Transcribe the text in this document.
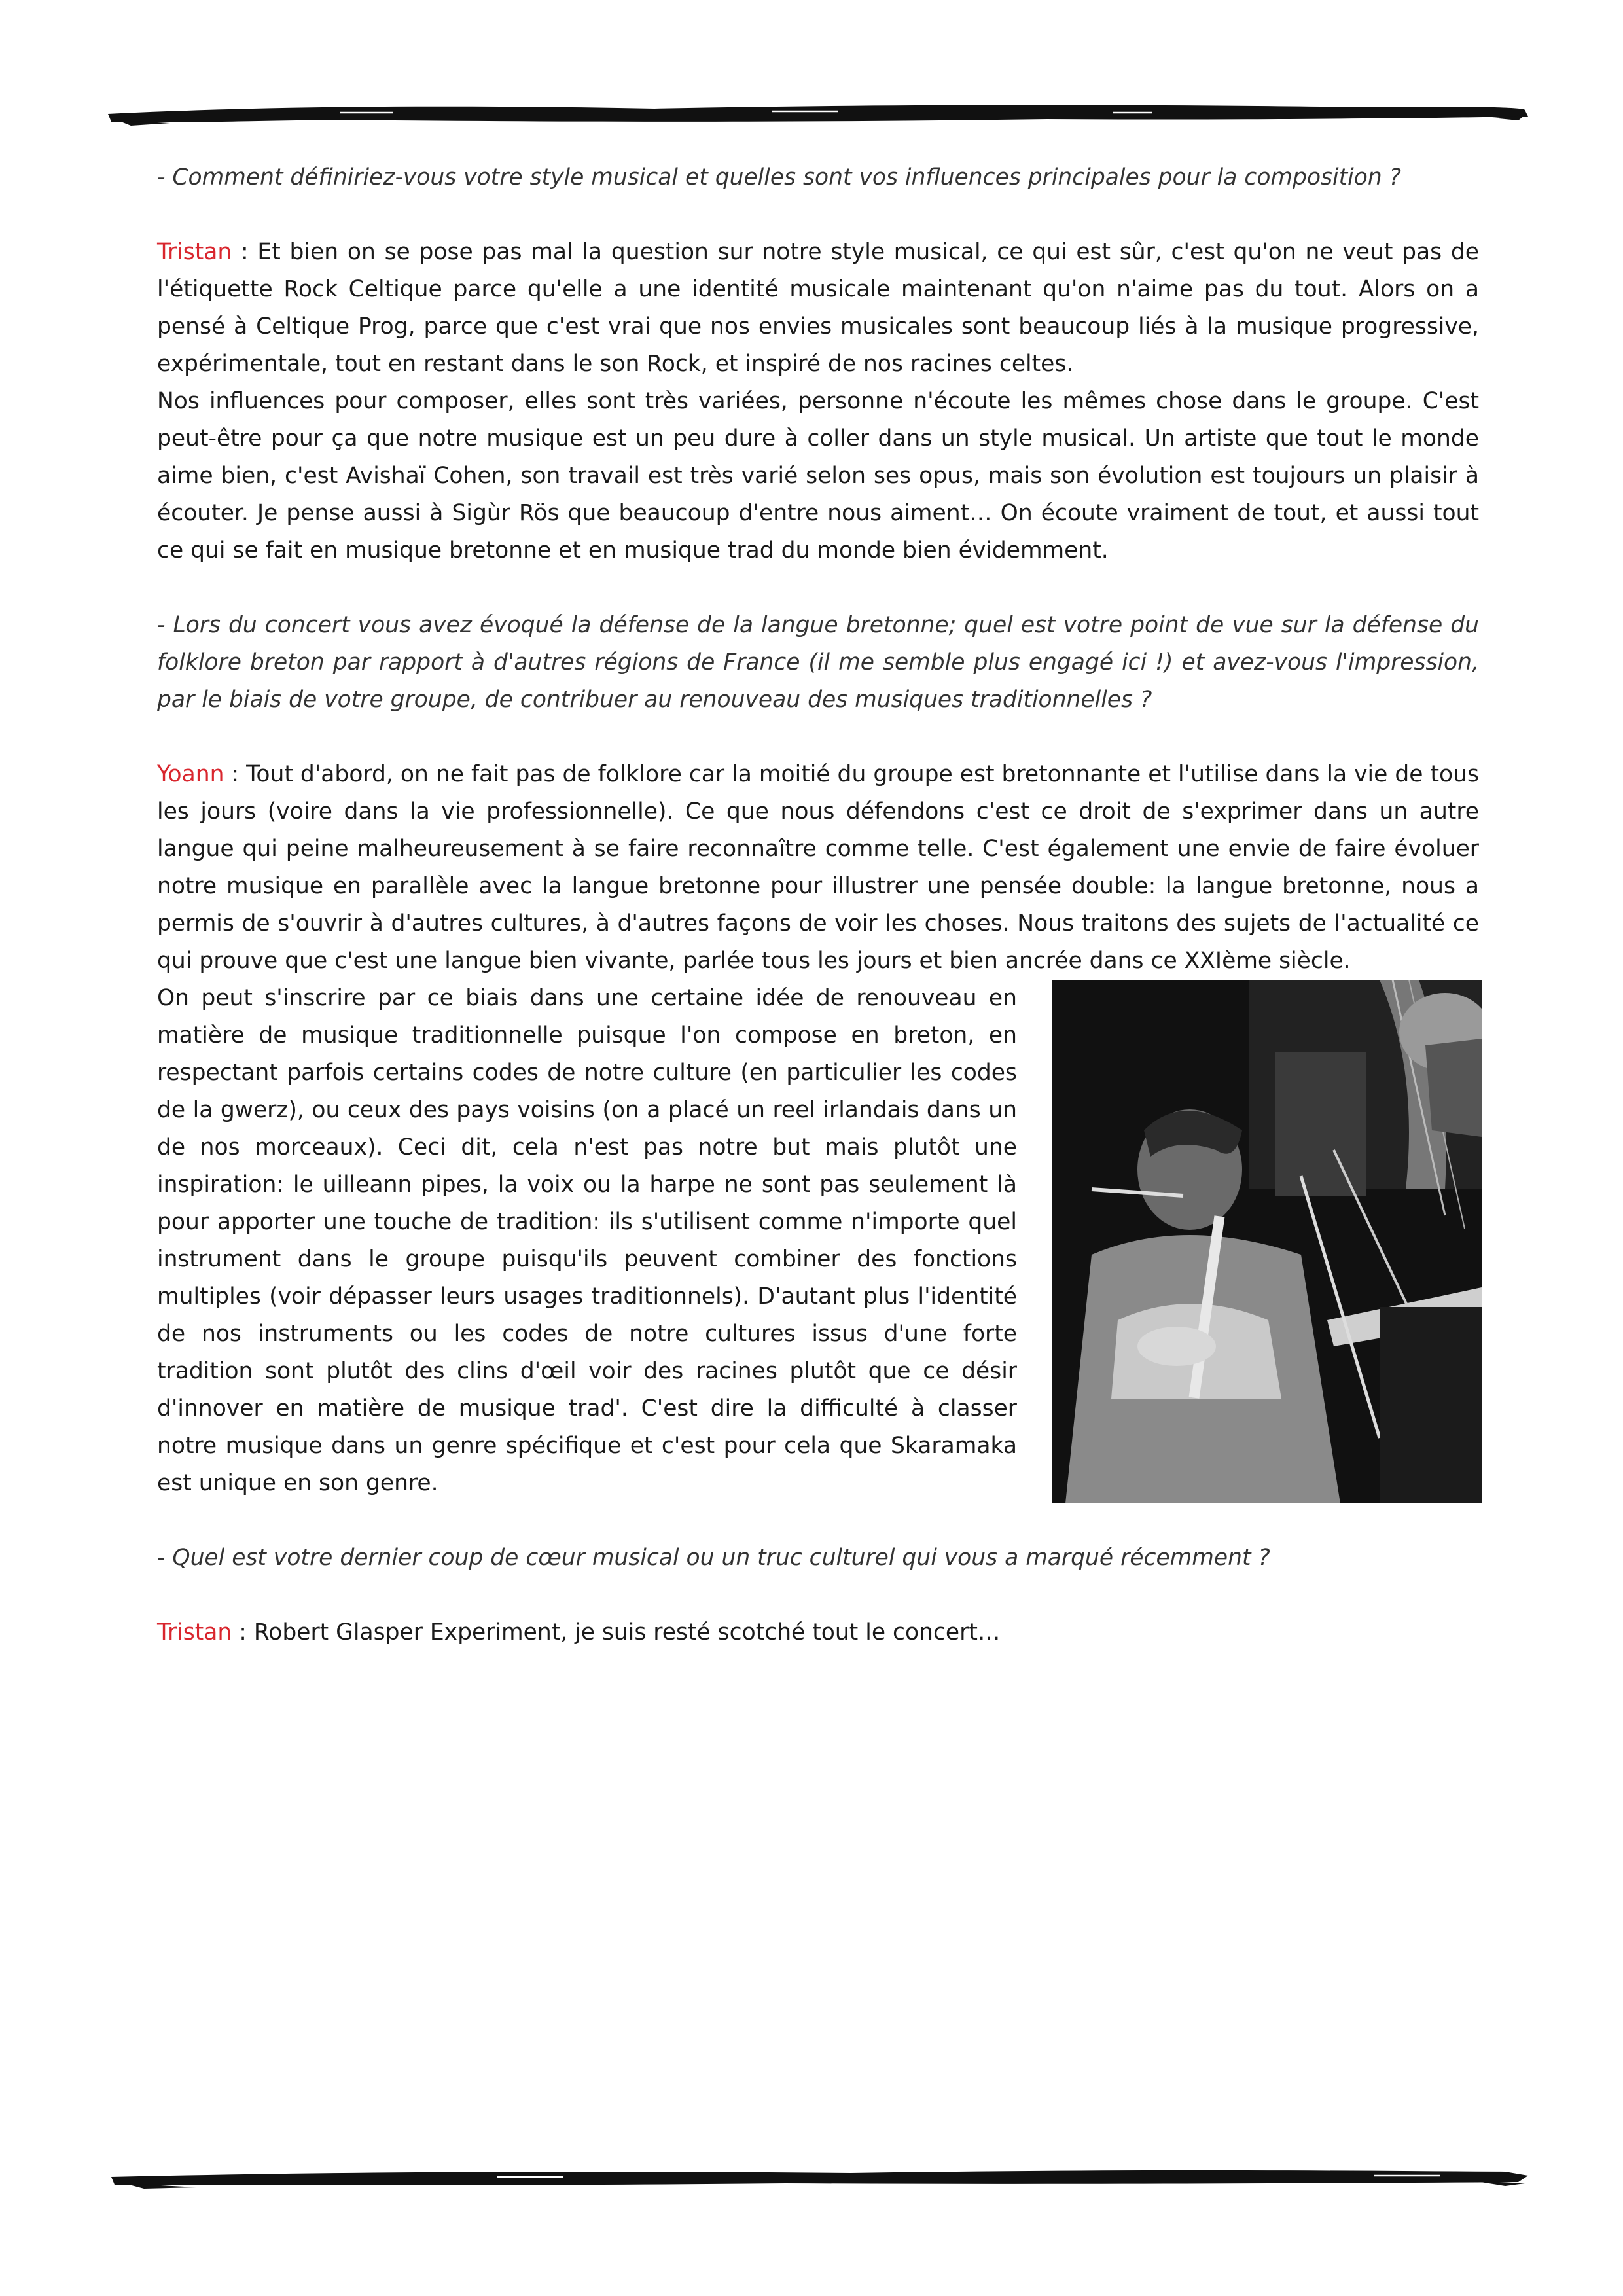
- Comment définiriez-vous votre style musical et quelles sont vos influences principales pour la composition ?

Tristan : Et bien on se pose pas mal la question sur notre style musical, ce qui est sûr, c'est qu'on ne veut pas de l'étiquette Rock Celtique parce qu'elle a une identité musicale maintenant qu'on n'aime pas du tout. Alors on a pensé à Celtique Prog, parce que c'est vrai que nos envies musicales sont beaucoup liés à la musique progressive, expérimentale, tout en restant dans le son Rock, et inspiré de nos racines celtes.

Nos influences pour composer, elles sont très variées, personne n'écoute les mêmes chose dans le groupe. C'est peut-être pour ça que notre musique est un peu dure à coller dans un style musical. Un artiste que tout le monde aime bien, c'est Avishaï Cohen, son travail est très varié selon ses opus, mais son évolution est toujours un plaisir à écouter. Je pense aussi à Sigùr Rös que beaucoup d'entre nous aiment… On écoute vraiment de tout, et aussi tout ce qui se fait en musique bretonne et en musique trad du monde bien évidemment.

- Lors du concert vous avez évoqué la défense de la langue bretonne; quel est votre point de vue sur la défense du folklore breton par rapport à d'autres régions de France (il me semble plus engagé ici !) et avez-vous l'impression, par le biais de votre groupe, de contribuer au renouveau des musiques traditionnelles ?

Yoann : Tout d'abord, on ne fait pas de folklore car la moitié du groupe est bretonnante et l'utilise dans la vie de tous les jours (voire dans la vie professionnelle). Ce que nous défendons c'est ce droit de s'exprimer dans un autre langue qui peine malheureusement à se faire reconnaître comme telle. C'est également une envie de faire évoluer notre musique en parallèle avec la langue bretonne pour illustrer une pensée double: la langue bretonne, nous a permis de s'ouvrir à d'autres cultures, à d'autres façons de voir les choses. Nous traitons des sujets de l'actualité ce qui prouve que c'est une langue bien vivante, parlée tous les jours et bien ancrée dans ce XXIème siècle.

On peut s'inscrire par ce biais dans une certaine idée de renouveau en matière de musique traditionnelle puisque l'on compose en breton, en respectant parfois certains codes de notre culture (en particulier les codes de la gwerz), ou ceux des pays voisins (on a placé un reel irlandais dans un de nos morceaux). Ceci dit, cela n'est pas notre but mais plutôt une inspiration: le uilleann pipes, la voix ou la harpe ne sont pas seulement là pour apporter une touche de tradition: ils s'utilisent comme n'importe quel instrument dans le groupe puisqu'ils peuvent combiner des fonctions multiples (voir dépasser leurs usages traditionnels). D'autant plus l'identité de nos instruments ou les codes de notre cultures issus d'une forte tradition sont plutôt des clins d'œil voir des racines plutôt que ce désir d'innover en matière de musique trad'. C'est dire la difficulté à classer notre musique dans un genre spécifique et c'est pour cela que Skaramaka est unique en son genre.

- Quel est votre dernier coup de cœur musical ou un truc culturel qui vous a marqué récemment ?

Tristan : Robert Glasper Experiment, je suis resté scotché tout le concert…
